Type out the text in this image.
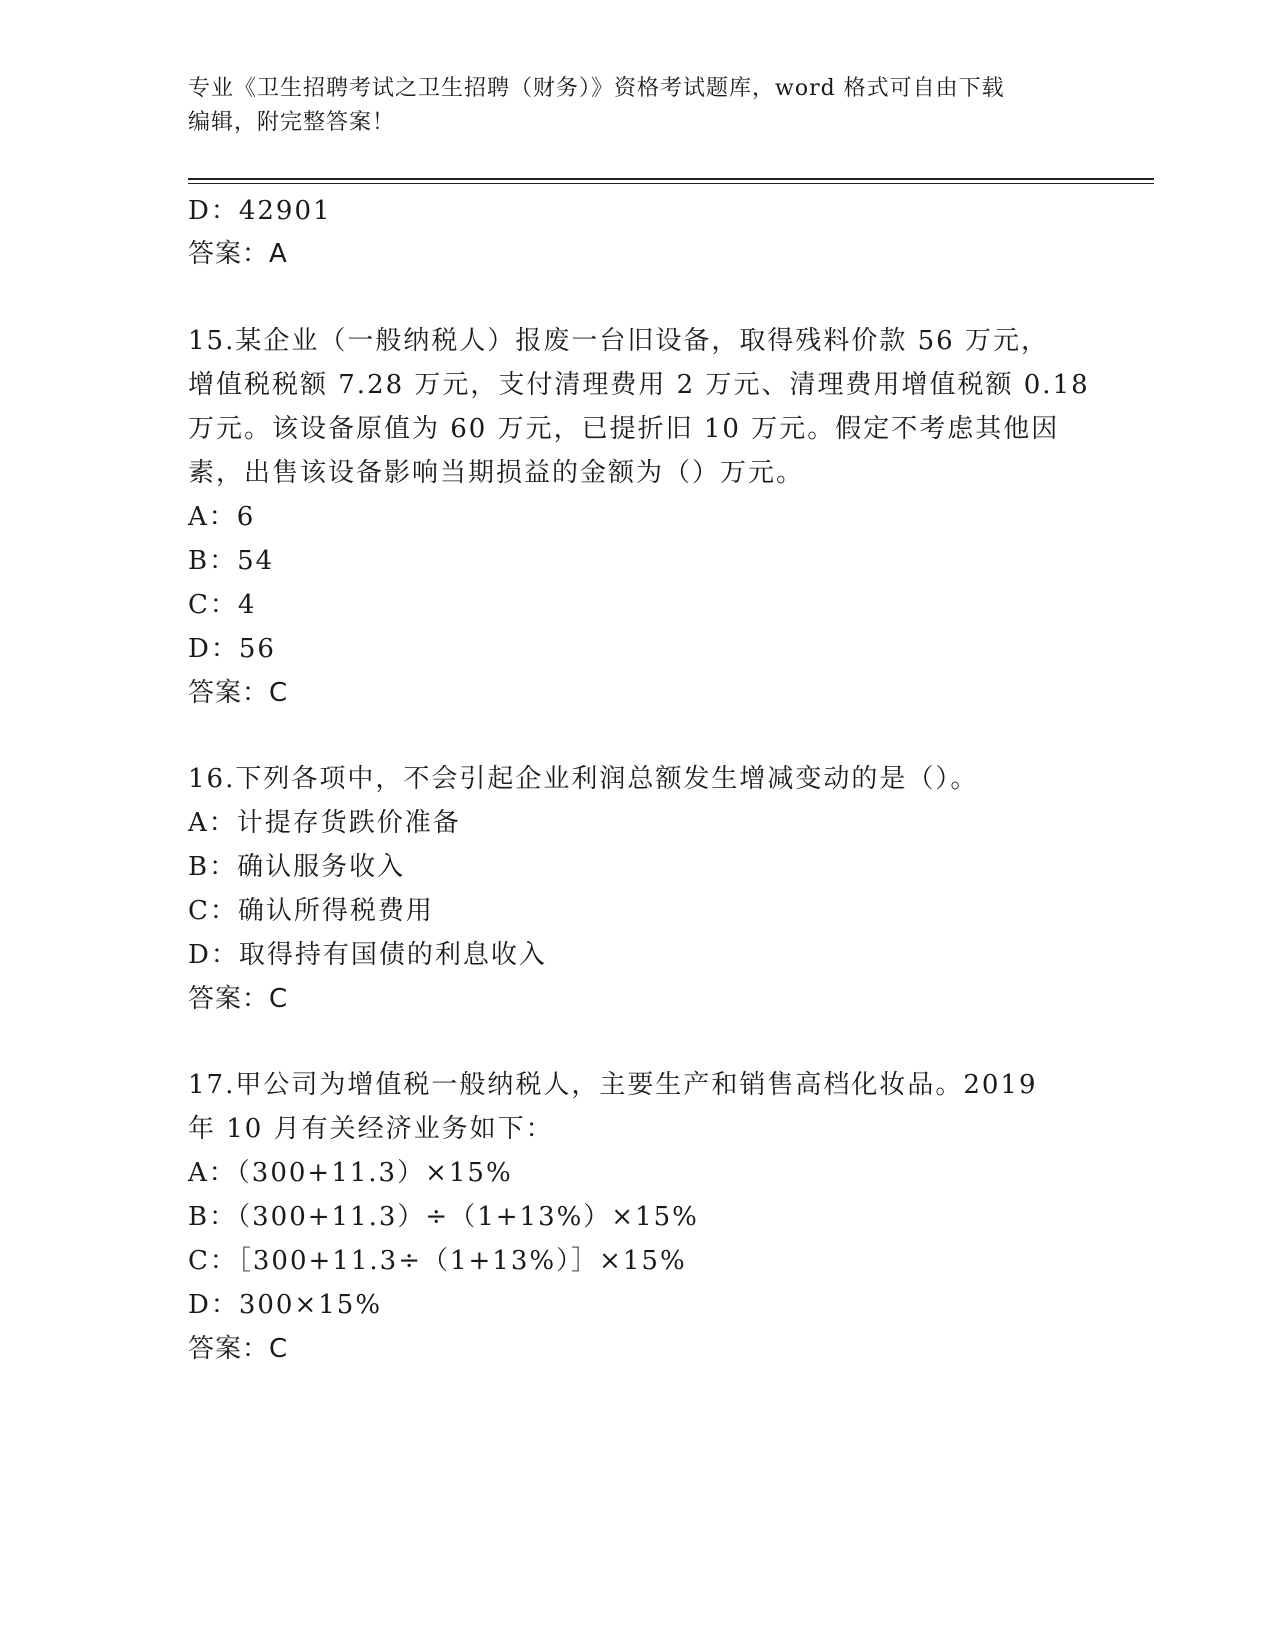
专业《卫生招聘考试之卫生招聘（财务）》资格考试题库，word 格式可自由下载
编辑，附完整答案！
D：42901
答案：A
15.某企业（一般纳税人）报废一台旧设备，取得残料价款 56 万元，
增值税税额 7.28 万元，支付清理费用 2 万元、清理费用增值税额 0.18
万元。该设备原值为 60 万元，已提折旧 10 万元。假定不考虑其他因
素，出售该设备影响当期损益的金额为（）万元。
A：6
B：54
C：4
D：56
答案：C
16.下列各项中，不会引起企业利润总额发生增减变动的是（）。
A：计提存货跌价准备
B：确认服务收入
C：确认所得税费用
D：取得持有国债的利息收入
答案：C
17.甲公司为增值税一般纳税人，主要生产和销售高档化妆品。2019
年 10 月有关经济业务如下：
A：（300+11.3）×15%
B：（300+11.3）÷（1+13%）×15%
C：［300+11.3÷（1+13%）］×15%
D：300×15%
答案：C
